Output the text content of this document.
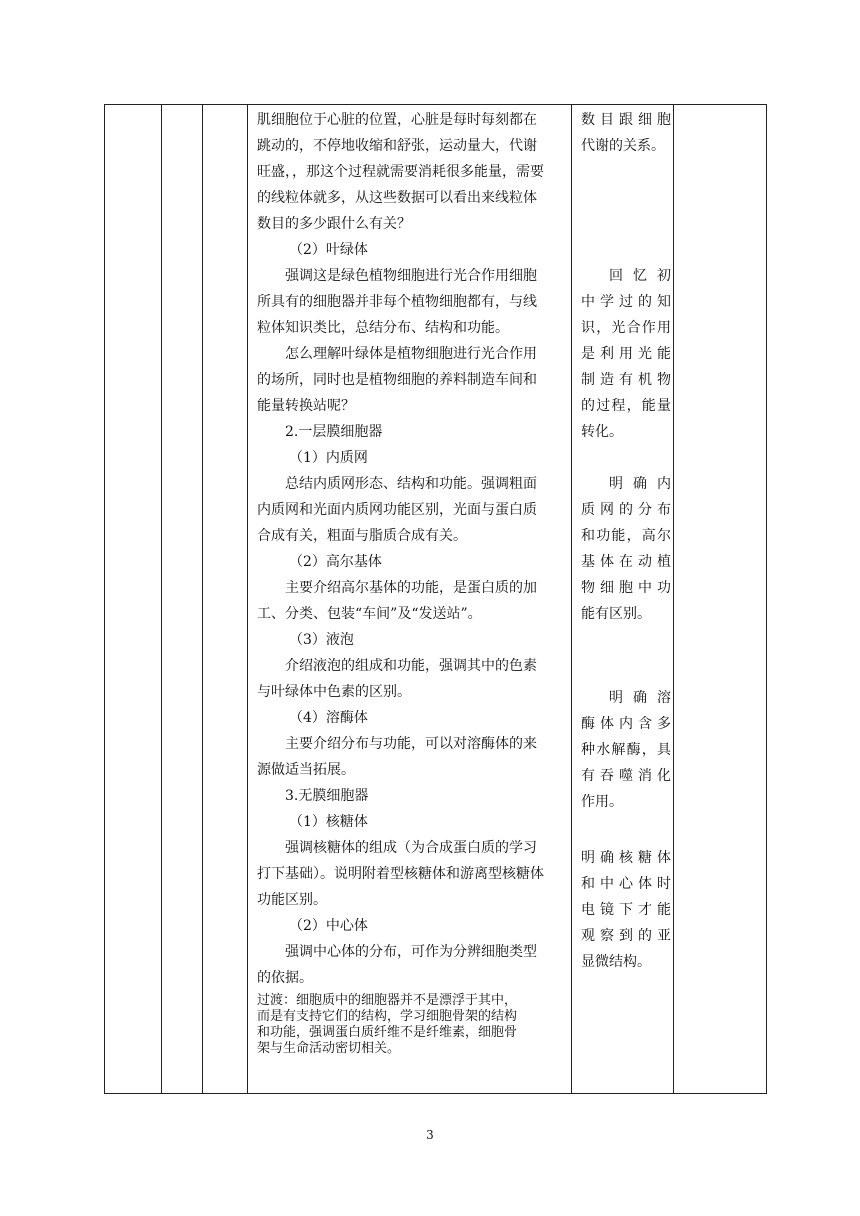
肌细胞位于心脏的位置，心脏是每时每刻都在
跳动的，不停地收缩和舒张，运动量大，代谢
旺盛，，那这个过程就需要消耗很多能量，需要
的线粒体就多，从这些数据可以看出来线粒体
数目的多少跟什么有关？
（2）叶绿体
强调这是绿色植物细胞进行光合作用细胞
所具有的细胞器并非每个植物细胞都有，与线
粒体知识类比，总结分布、结构和功能。
怎么理解叶绿体是植物细胞进行光合作用
的场所，同时也是植物细胞的养料制造车间和
能量转换站呢？
2.一层膜细胞器
（1）内质网
总结内质网形态、结构和功能。强调粗面
内质网和光面内质网功能区别，光面与蛋白质
合成有关，粗面与脂质合成有关。
（2）高尔基体
主要介绍高尔基体的功能，是蛋白质的加
工、分类、包装“车间”及“发送站”。
（3）液泡
介绍液泡的组成和功能，强调其中的色素
与叶绿体中色素的区别。
（4）溶酶体
主要介绍分布与功能，可以对溶酶体的来
源做适当拓展。
3.无膜细胞器
（1）核糖体
强调核糖体的组成（为合成蛋白质的学习
打下基础）。说明附着型核糖体和游离型核糖体
功能区别。
（2）中心体
强调中心体的分布，可作为分辨细胞类型
的依据。
过渡：细胞质中的细胞器并不是漂浮于其中，
而是有支持它们的结构，学习细胞骨架的结构
和功能，强调蛋白质纤维不是纤维素，细胞骨
架与生命活动密切相关。
数目跟细胞
代谢的关系。
回忆初
中学过的知
识，光合作用
是利用光能
制造有机物
的过程，能量
转化。
明确内
质网的分布
和功能，高尔
基体在动植
物细胞中功
能有区别。
明确溶
酶体内含多
种水解酶，具
有吞噬消化
作用。
明确核糖体
和中心体时
电镜下才能
观察到的亚
显微结构。
3
